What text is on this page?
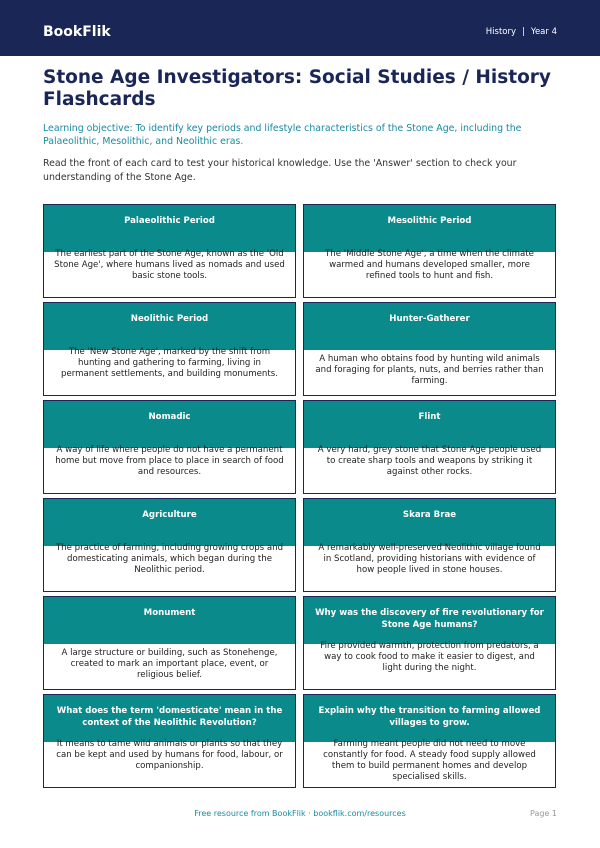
BookFlik	History | Year 4
Stone Age Investigators: Social Studies / History Flashcards

Learning objective: To identify key periods and lifestyle characteristics of the Stone Age, including the Palaeolithic, Mesolithic, and Neolithic eras.

Read the front of each card to test your historical knowledge. Use the 'Answer' section to check your understanding of the Stone Age.

Palaeolithic Period
The earliest part of the Stone Age, known as the 'Old Stone Age', where humans lived as nomads and used basic stone tools.
Mesolithic Period
The 'Middle Stone Age', a time when the climate warmed and humans developed smaller, more refined tools to hunt and fish.
Neolithic Period
The 'New Stone Age', marked by the shift from hunting and gathering to farming, living in permanent settlements, and building monuments.
Hunter-Gatherer
A human who obtains food by hunting wild animals and foraging for plants, nuts, and berries rather than farming.
Nomadic
A way of life where people do not have a permanent home but move from place to place in search of food and resources.
Flint
A very hard, grey stone that Stone Age people used to create sharp tools and weapons by striking it against other rocks.
Agriculture
The practice of farming, including growing crops and domesticating animals, which began during the Neolithic period.
Skara Brae
A remarkably well-preserved Neolithic village found in Scotland, providing historians with evidence of how people lived in stone houses.
Monument
A large structure or building, such as Stonehenge, created to mark an important place, event, or religious belief.
Why was the discovery of fire revolutionary for Stone Age humans?
Fire provided warmth, protection from predators, a way to cook food to make it easier to digest, and light during the night.
What does the term 'domesticate' mean in the context of the Neolithic Revolution?
It means to tame wild animals or plants so that they can be kept and used by humans for food, labour, or companionship.
Explain why the transition to farming allowed villages to grow.
Farming meant people did not need to move constantly for food. A steady food supply allowed them to build permanent homes and develop specialised skills.
Free resource from BookFlik · bookflik.com/resources	Page 1
